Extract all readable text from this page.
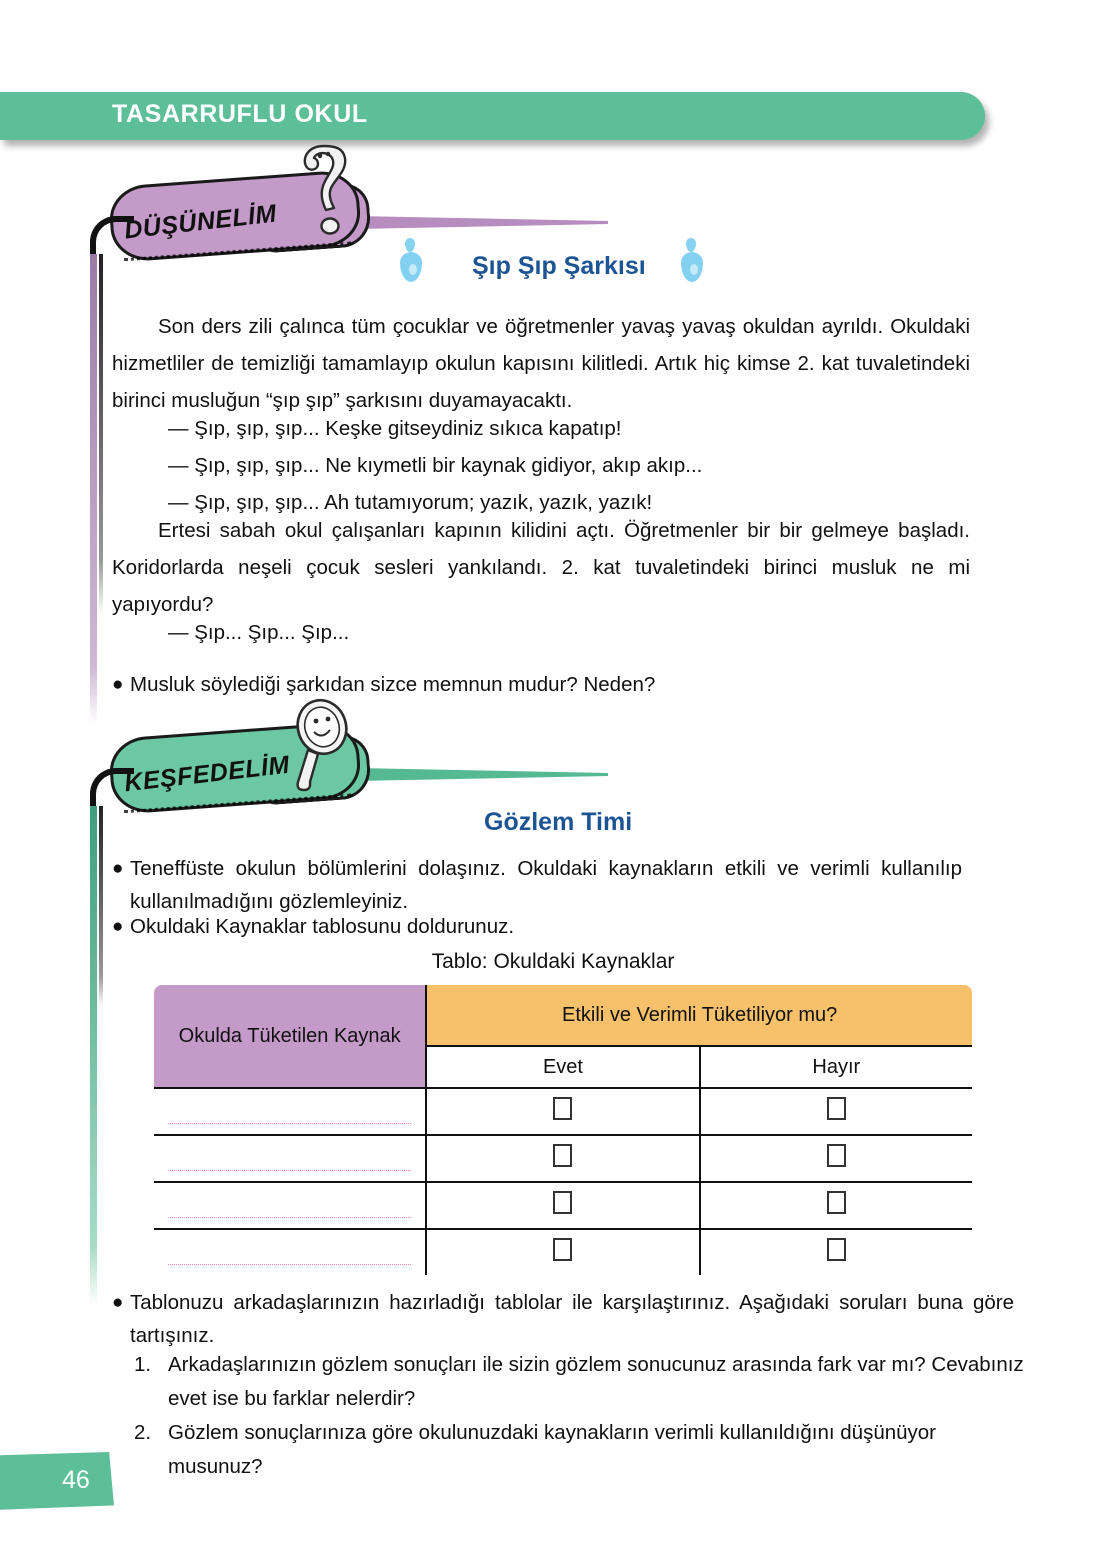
TASARRUFLU OKUL
DÜŞÜNELİM
Şıp Şıp Şarkısı
Son ders zili çalınca tüm çocuklar ve öğretmenler yavaş yavaş okuldan ayrıldı. Okuldaki hizmetliler de temizliği tamamlayıp okulun kapısını kilitledi. Artık hiç kimse 2. kat tuvaletindeki birinci musluğun “şıp şıp” şarkısını duyamayacaktı.
— Şıp, şıp, şıp... Keşke gitseydiniz sıkıca kapatıp!
— Şıp, şıp, şıp... Ne kıymetli bir kaynak gidiyor, akıp akıp...
— Şıp, şıp, şıp... Ah tutamıyorum; yazık, yazık, yazık!
Ertesi sabah okul çalışanları kapının kilidini açtı. Öğretmenler bir bir gelmeye başladı. Koridorlarda neşeli çocuk sesleri yankılandı. 2. kat tuvaletindeki birinci musluk ne mi yapıyordu?
— Şıp... Şıp... Şıp...
● Musluk söylediği şarkıdan sizce memnun mudur? Neden?
KEŞFEDELİM
Gözlem Timi
● Teneffüste okulun bölümlerini dolaşınız. Okuldaki kaynakların etkili ve verimli kullanılıp kullanılmadığını gözlemleyiniz.
● Okuldaki Kaynaklar tablosunu doldurunuz.
Tablo: Okuldaki Kaynaklar
Okulda Tüketilen Kaynak	Etkili ve Verimli Tüketiliyor mu?	
	Evet	Hayır

● Tablonuzu arkadaşlarınızın hazırladığı tablolar ile karşılaştırınız. Aşağıdaki soruları buna göre tartışınız.
1. Arkadaşlarınızın gözlem sonuçları ile sizin gözlem sonucunuz arasında fark var mı? Cevabınız evet ise bu farklar nelerdir?
2. Gözlem sonuçlarınıza göre okulunuzdaki kaynakların verimli kullanıldığını düşünüyor musunuz?
46
